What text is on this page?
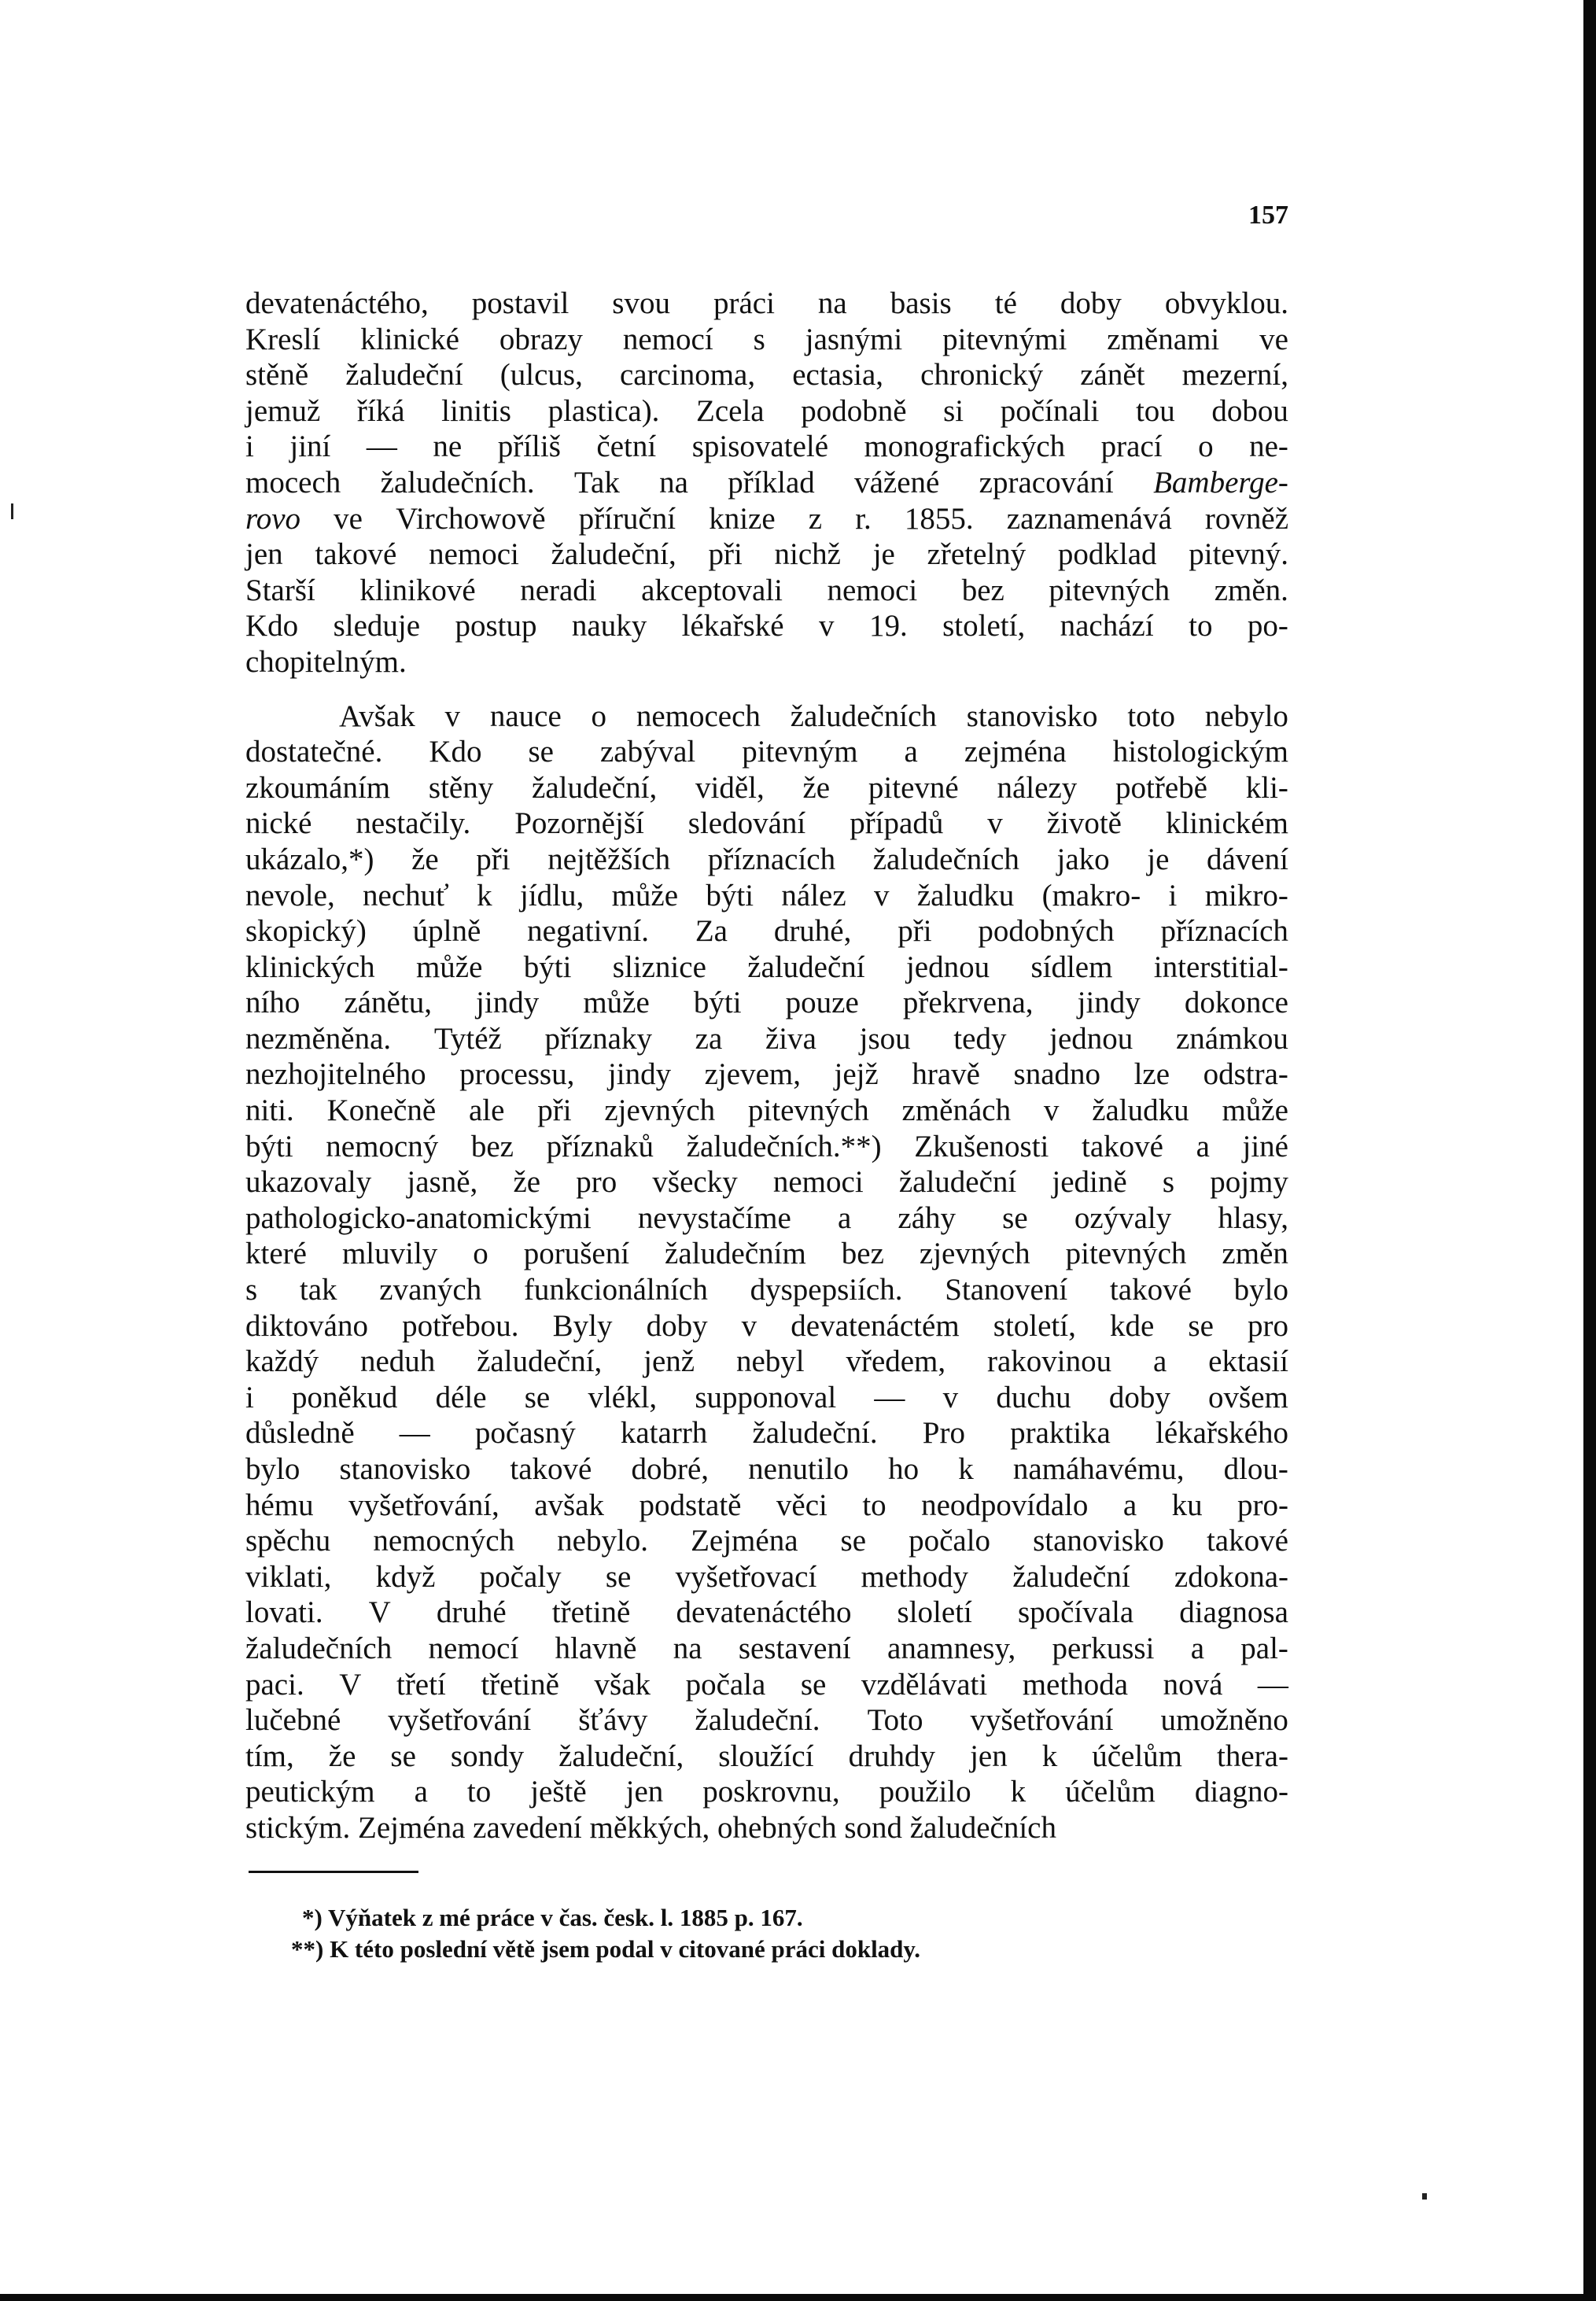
157
devatenáctého, postavil svou práci na basis té doby obvyklou.
Kreslí klinické obrazy nemocí s jasnými pitevnými změnami ve
stěně žaludeční (ulcus, carcinoma, ectasia, chronický zánět mezerní,
jemuž říká linitis plastica). Zcela podobně si počínali tou dobou
i jiní — ne příliš četní spisovatelé monografických prací o ne-
mocech žaludečních. Tak na příklad vážené zpracování Bamberge-
rovo ve Virchowově příruční knize z r. 1855. zaznamenává rovněž
jen takové nemoci žaludeční, při nichž je zřetelný podklad pitevný.
Starší klinikové neradi akceptovali nemoci bez pitevných změn.
Kdo sleduje postup nauky lékařské v 19. století, nachází to po-
chopitelným.
Avšak v nauce o nemocech žaludečních stanovisko toto nebylo
dostatečné. Kdo se zabýval pitevným a zejména histologickým
zkoumáním stěny žaludeční, viděl, že pitevné nálezy potřebě kli-
nické nestačily. Pozornější sledování případů v životě klinickém
ukázalo,*) že při nejtěžších příznacích žaludečních jako je dávení
nevole, nechuť k jídlu, může býti nález v žaludku (makro- i mikro-
skopický) úplně negativní. Za druhé, při podobných příznacích
klinických může býti sliznice žaludeční jednou sídlem interstitial-
ního zánětu, jindy může býti pouze překrvena, jindy dokonce
nezměněna. Tytéž příznaky za živa jsou tedy jednou známkou
nezhojitelného processu, jindy zjevem, jejž hravě snadno lze odstra-
niti. Konečně ale při zjevných pitevných změnách v žaludku může
býti nemocný bez příznaků žaludečních.**) Zkušenosti takové a jiné
ukazovaly jasně, že pro všecky nemoci žaludeční jedině s pojmy
pathologicko-anatomickými nevystačíme a záhy se ozývaly hlasy,
které mluvily o porušení žaludečním bez zjevných pitevných změn
s tak zvaných funkcionálních dyspepsiích. Stanovení takové bylo
diktováno potřebou. Byly doby v devatenáctém století, kde se pro
každý neduh žaludeční, jenž nebyl vředem, rakovinou a ektasií
i poněkud déle se vlékl, supponoval — v duchu doby ovšem
důsledně — počasný katarrh žaludeční. Pro praktika lékařského
bylo stanovisko takové dobré, nenutilo ho k namáhavému, dlou-
hému vyšetřování, avšak podstatě věci to neodpovídalo a ku pro-
spěchu nemocných nebylo. Zejména se počalo stanovisko takové
viklati, když počaly se vyšetřovací methody žaludeční zdokona-
lovati. V druhé třetině devatenáctého sloletí spočívala diagnosa
žaludečních nemocí hlavně na sestavení anamnesy, perkussi a pal-
paci. V třetí třetině však počala se vzdělávati methoda nová —
lučebné vyšetřování šťávy žaludeční. Toto vyšetřování umožněno
tím, že se sondy žaludeční, sloužící druhdy jen k účelům thera-
peutickým a to ještě jen poskrovnu, použilo k účelům diagno-
stickým. Zejména zavedení měkkých, ohebných sond žaludečních
*) Výňatek z mé práce v čas. česk. l. 1885 p. 167.
**) K této poslední větě jsem podal v citované práci doklady.
